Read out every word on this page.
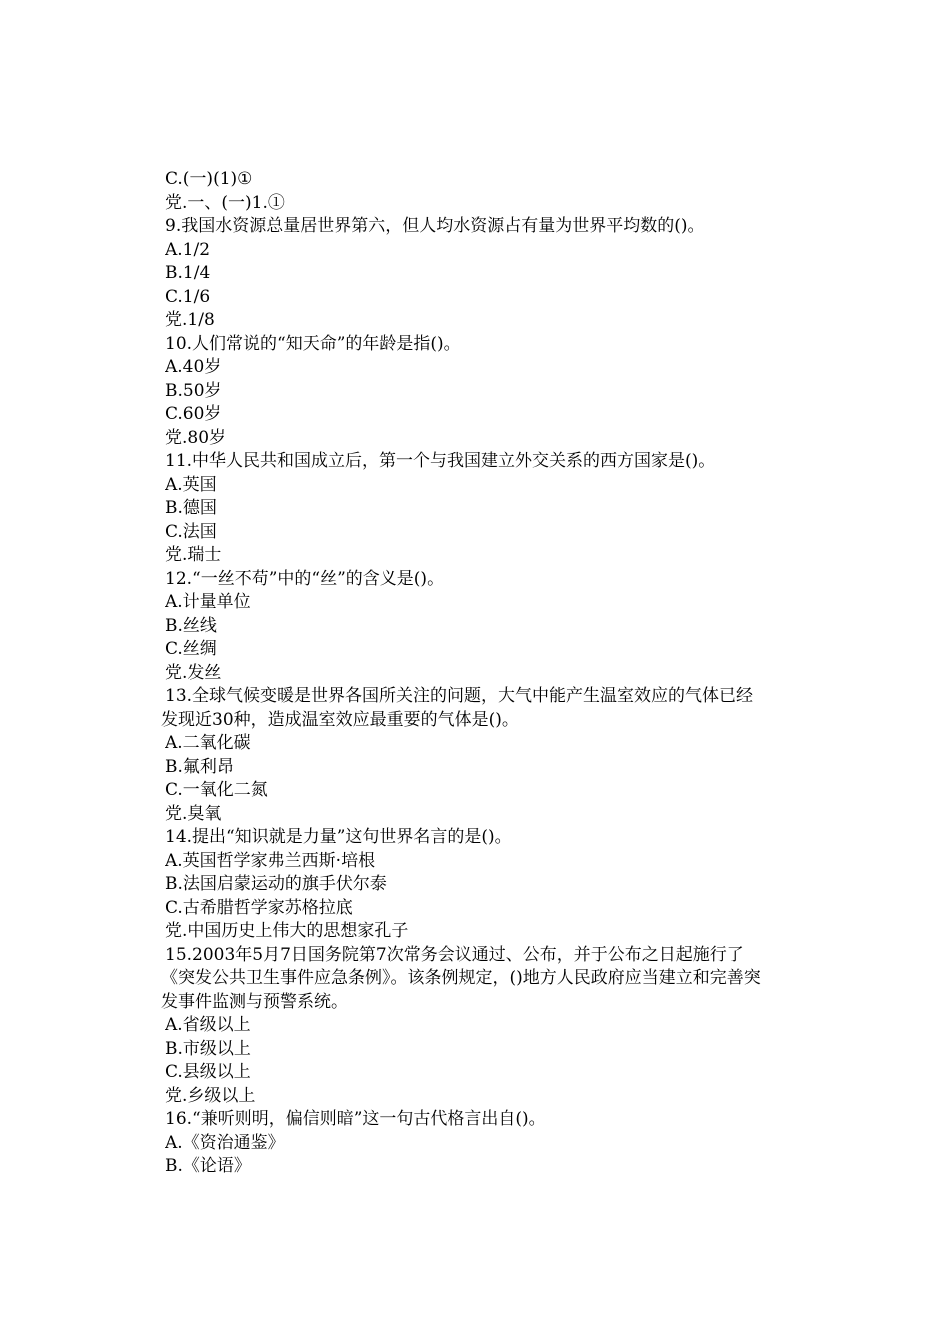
C.(一)(1)①
党.一、(一)1.①
9.我国水资源总量居世界第六，但人均水资源占有量为世界平均数的()。
A.1/2
B.1/4
C.1/6
党.1/8
10.人们常说的“知天命”的年龄是指()。
A.40岁
B.50岁
C.60岁
党.80岁
11.中华人民共和国成立后，第一个与我国建立外交关系的西方国家是()。
A.英国
B.德国
C.法国
党.瑞士
12.“一丝不苟”中的“丝”的含义是()。
A.计量单位
B.丝线
C.丝绸
党.发丝
13.全球气候变暖是世界各国所关注的问题，大气中能产生温室效应的气体已经
发现近30种，造成温室效应最重要的气体是()。
A.二氧化碳
B.氟利昂
C.一氧化二氮
党.臭氧
14.提出“知识就是力量”这句世界名言的是()。
A.英国哲学家弗兰西斯·培根
B.法国启蒙运动的旗手伏尔泰
C.古希腊哲学家苏格拉底
党.中国历史上伟大的思想家孔子
15.2003年5月7日国务院第7次常务会议通过、公布，并于公布之日起施行了
《突发公共卫生事件应急条例》。该条例规定，()地方人民政府应当建立和完善突
发事件监测与预警系统。
A.省级以上
B.市级以上
C.县级以上
党.乡级以上
16.“兼听则明，偏信则暗”这一句古代格言出自()。
A.《资治通鉴》
B.《论语》
